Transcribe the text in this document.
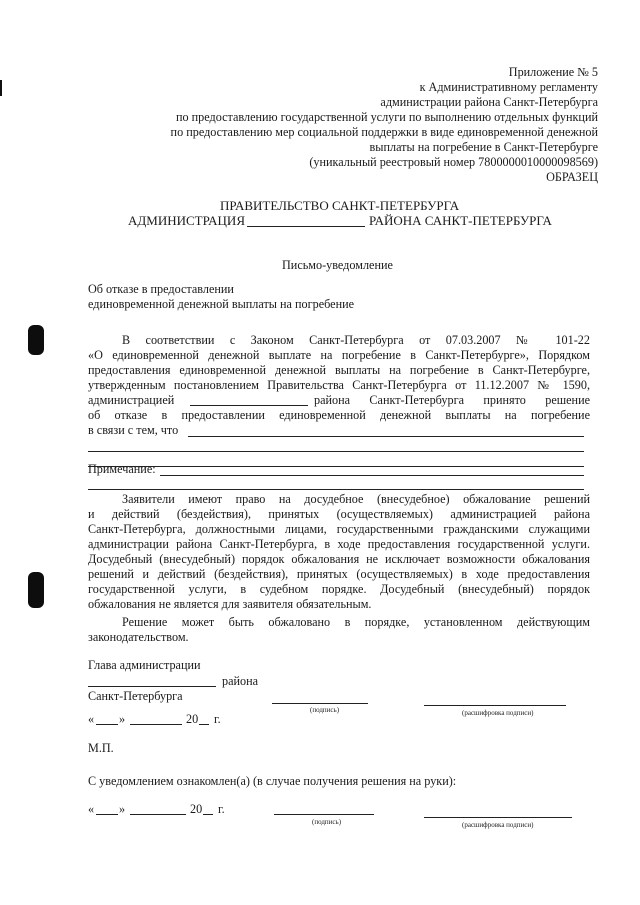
Приложение № 5
к Административному регламенту
администрации района Санкт-Петербурга
по предоставлению государственной услуги по выполнению отдельных функций
по предоставлению мер социальной поддержки в виде единовременной денежной
выплаты на погребение в Санкт-Петербурге
(уникальный реестровый номер 7800000010000098569)
ОБРАЗЕЦ
ПРАВИТЕЛЬСТВО САНКТ-ПЕТЕРБУРГА
АДМИНИСТРАЦИЯ	РАЙОНА САНКТ-ПЕТЕРБУРГА
Письмо-уведомление
Об отказе в предоставлении
единовременной денежной выплаты на погребение
В соответствии с Законом Санкт-Петербурга от 07.03.2007 № 101-22
«О единовременной денежной выплате на погребение в Санкт-Петербурге», Порядком
предоставления единовременной денежной выплаты на погребение в Санкт-Петербурге,
утвержденным постановлением Правительства Санкт-Петербурга от 11.12.2007 № 1590,
администрацией	района Санкт-Петербурга принято решение
об отказе в предоставлении единовременной денежной выплаты на погребение
в связи с тем, что
Примечание:
Заявители имеют право на досудебное (внесудебное) обжалование решений
и действий (бездействия), принятых (осуществляемых) администрацией района
Санкт-Петербурга, должностными лицами, государственными гражданскими служащими
администрации района Санкт-Петербурга, в ходе предоставления государственной услуги.
Досудебный (внесудебный) порядок обжалования не исключает возможности обжалования
решений и действий (бездействия), принятых (осуществляемых) в ходе предоставления
государственной услуги, в судебном порядке. Досудебный (внесудебный) порядок
обжалования не является для заявителя обязательным.
Решение может быть обжаловано в порядке, установленном действующим
законодательством.
Глава администрации
района
Санкт-Петербурга
(подпись)	(расшифровка подписи)
« »	20 г.
М.П.
С уведомлением ознакомлен(а) (в случае получения решения на руки):
« »	20 г.
(подпись)	(расшифровка подписи)
